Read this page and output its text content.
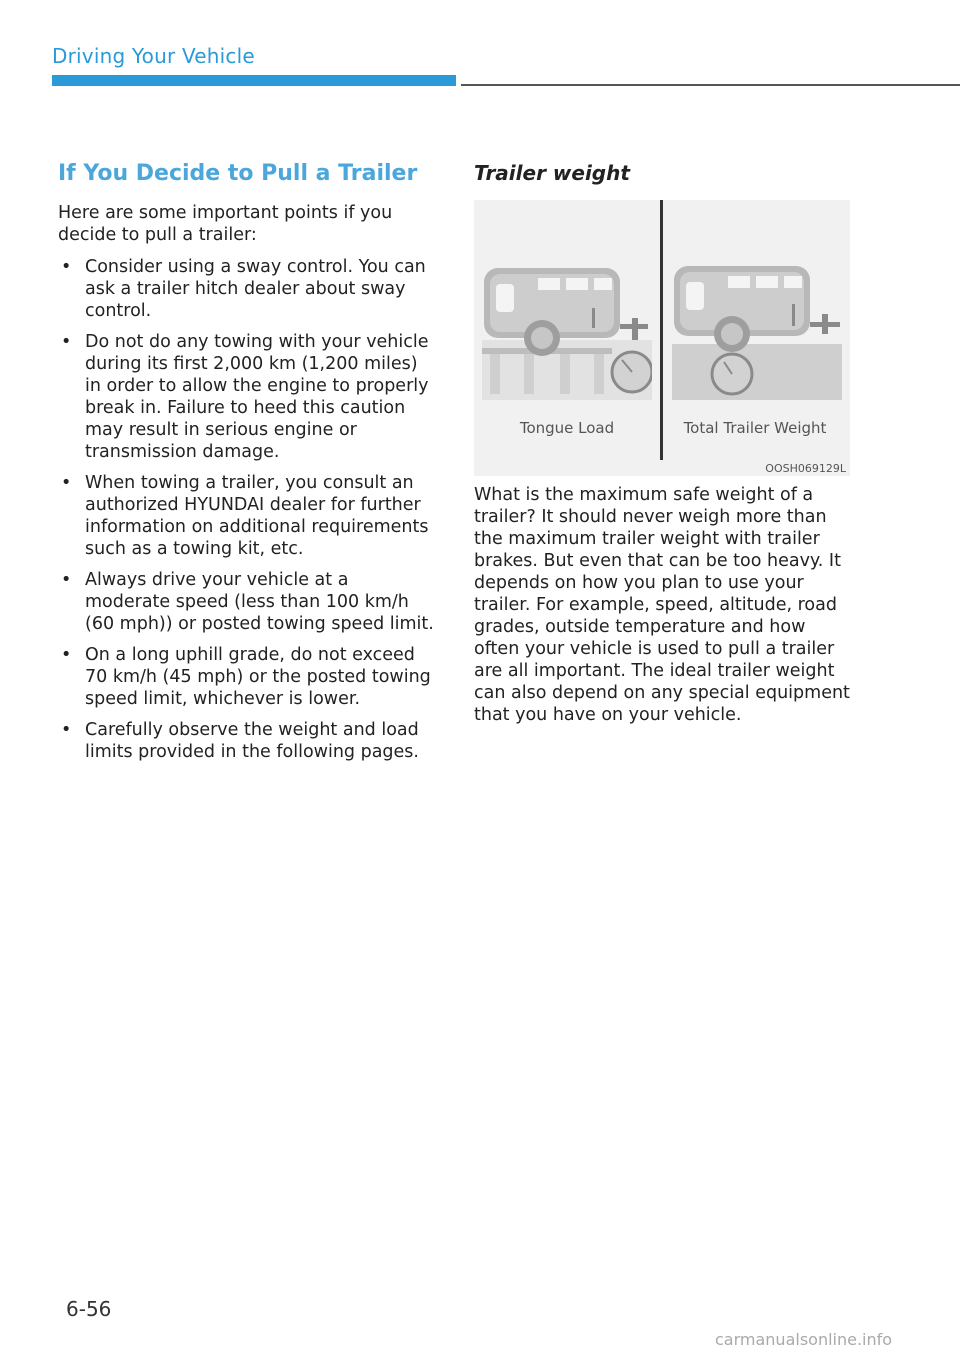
Driving Your Vehicle
If You Decide to Pull a Trailer

Here are some important points if you decide to pull a trailer:

• Consider using a sway control. You can ask a trailer hitch dealer about sway control.
• Do not do any towing with your vehicle during its first 2,000 km (1,200 miles) in order to allow the engine to properly break in. Failure to heed this caution may result in serious engine or transmission damage.
• When towing a trailer, you consult an authorized HYUNDAI dealer for further information on additional requirements such as a towing kit, etc.
• Always drive your vehicle at a moderate speed (less than 100 km/h (60 mph)) or posted towing speed limit.
• On a long uphill grade, do not exceed 70 km/h (45 mph) or the posted towing speed limit, whichever is lower.
• Carefully observe the weight and load limits provided in the following pages.
Trailer weight
Tongue Load	Total Trailer Weight
OOSH069129L

What is the maximum safe weight of a trailer? It should never weigh more than the maximum trailer weight with trailer brakes. But even that can be too heavy. It depends on how you plan to use your trailer. For example, speed, altitude, road grades, outside temperature and how often your vehicle is used to pull a trailer are all important. The ideal trailer weight can also depend on any special equipment that you have on your vehicle.

6-56
carmanualsonline.info
